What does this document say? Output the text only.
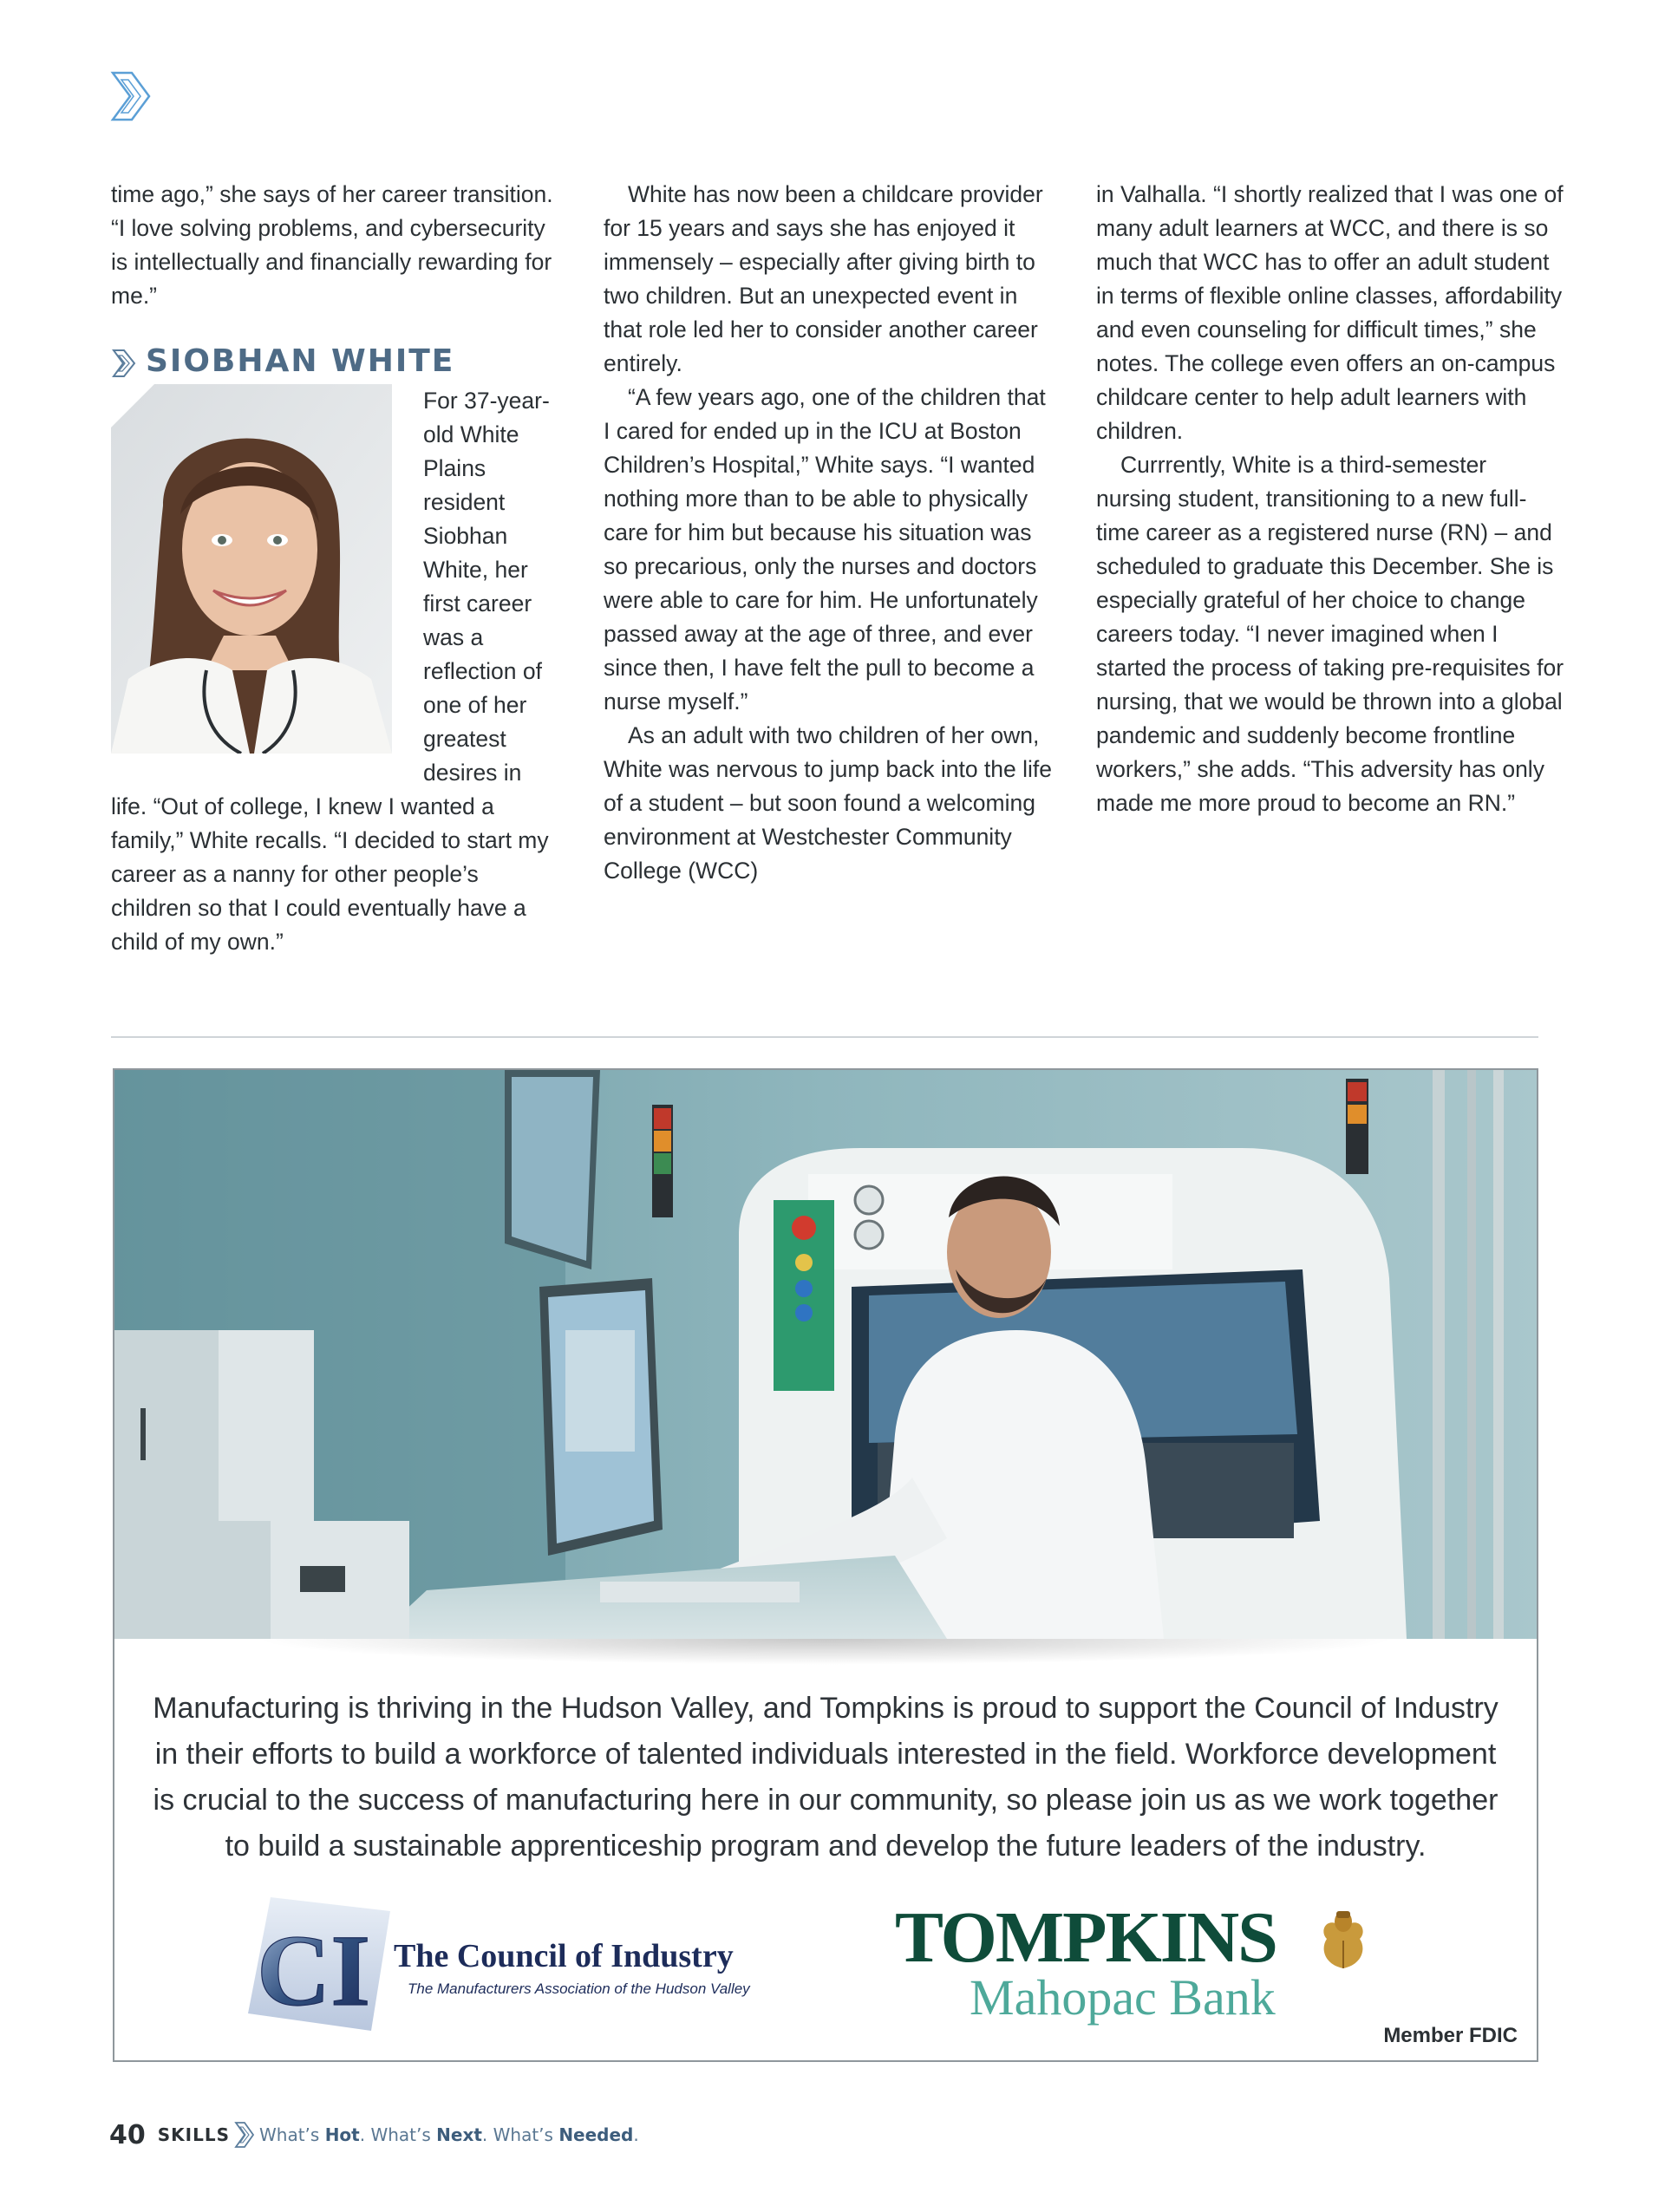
time ago,” she says of her career transition. “I love solving problems, and cybersecurity is intellectually and financially rewarding for me.”

SIOBHAN WHITE

For 37-year-old White Plains resident Siobhan White, her first career was a reflection of one of her greatest desires in life. “Out of college, I knew I wanted a family,” White recalls. “I decided to start my career as a nanny for other people’s children so that I could eventually have a child of my own.”

White has now been a childcare provider for 15 years and says she has enjoyed it immensely – especially after giving birth to two children. But an unexpected event in that role led her to consider another career entirely.

“A few years ago, one of the children that I cared for ended up in the ICU at Boston Children’s Hospital,” White says. “I wanted nothing more than to be able to physically care for him but because his situation was so precarious, only the nurses and doctors were able to care for him. He unfortunately passed away at the age of three, and ever since then, I have felt the pull to become a nurse myself.”

As an adult with two children of her own, White was nervous to jump back into the life of a student – but soon found a welcoming environment at Westchester Community College (WCC)

in Valhalla. “I shortly realized that I was one of many adult learners at WCC, and there is so much that WCC has to offer an adult student in terms of flexible online classes, affordability and even counseling for difficult times,” she notes. The college even offers an on-campus childcare center to help adult learners with children.

Currrently, White is a third-semester nursing student, transitioning to a new full-time career as a registered nurse (RN) – and scheduled to graduate this December. She is especially grateful of her choice to change careers today. “I never imagined when I started the process of taking pre-requisites for nursing, that we would be thrown into a global pandemic and suddenly become frontline workers,” she adds. “This adversity has only made me more proud to become an RN.”

Manufacturing is thriving in the Hudson Valley, and Tompkins is proud to support the Council of Industry in their efforts to build a workforce of talented individuals interested in the field. Workforce development is crucial to the success of manufacturing here in our community, so please join us as we work together to build a sustainable apprenticeship program and develop the future leaders of the industry.

CI The Council of Industry
The Manufacturers Association of the Hudson Valley
TOMPKINS
Mahopac Bank
Member FDIC
40 SKILLS What’s Hot. What’s Next. What’s Needed.
